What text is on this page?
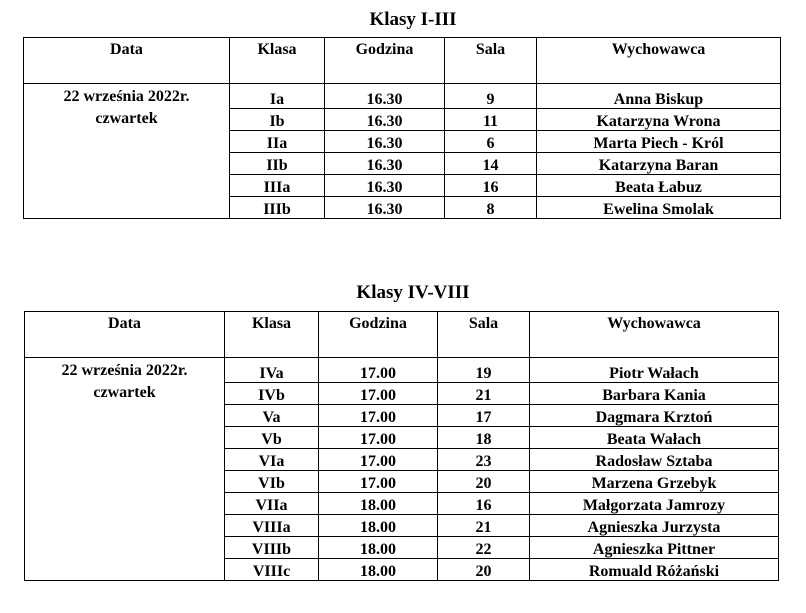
Klasy I-III
Data	Klasa	Godzina	Sala	Wychowawca

22 września 2022r.
czwartek	Ia	16.30	9	Anna Biskup
	Ib	16.30	11	Katarzyna Wrona
	IIa	16.30	6	Marta Piech - Król
	IIb	16.30	14	Katarzyna Baran
	IIIa	16.30	16	Beata Łabuz
	IIIb	16.30	8	Ewelina Smolak
Klasy IV-VIII
Data	Klasa	Godzina	Sala	Wychowawca

22 września 2022r.
czwartek	IVa	17.00	19	Piotr Wałach
	IVb	17.00	21	Barbara Kania
	Va	17.00	17	Dagmara Krztoń
	Vb	17.00	18	Beata Wałach
	VIa	17.00	23	Radosław Sztaba
	VIb	17.00	20	Marzena Grzebyk
	VIIa	18.00	16	Małgorzata Jamrozy
	VIIIa	18.00	21	Agnieszka Jurzysta
	VIIIb	18.00	22	Agnieszka Pittner
	VIIIc	18.00	20	Romuald Różański
